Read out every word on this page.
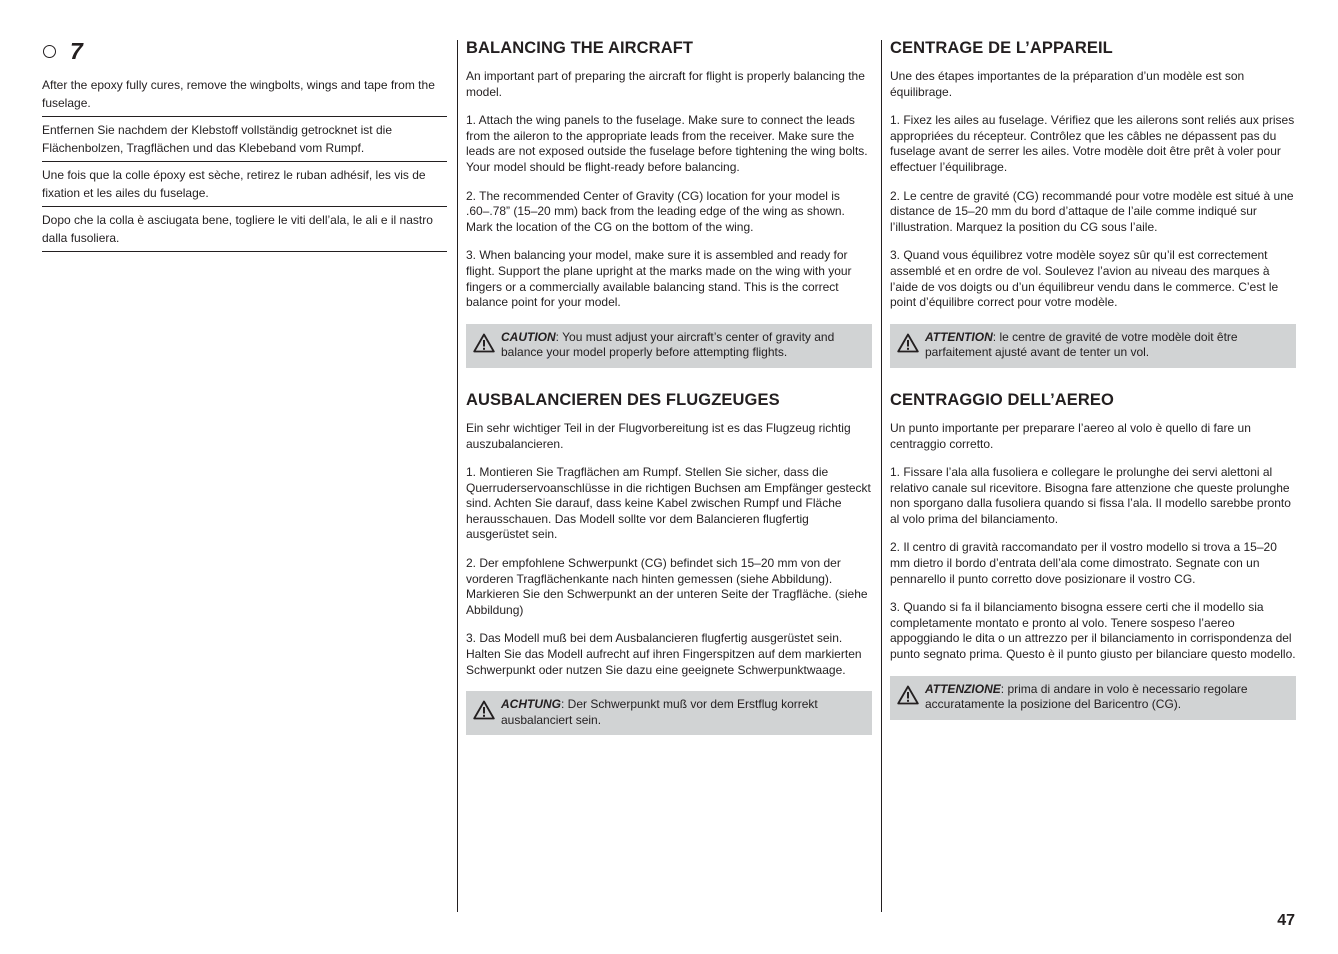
7
After the epoxy fully cures, remove the wingbolts, wings and tape from the fuselage.
Entfernen Sie nachdem der Klebstoff vollständig getrocknet ist die Flächenbolzen, Tragflächen und das Klebeband vom Rumpf.
Une fois que la colle époxy est sèche, retirez le ruban adhésif, les vis de fixation et les ailes du fuselage.
Dopo che la colla è asciugata bene, togliere le viti dell’ala, le ali e il nastro dalla fusoliera.
BALANCING THE AIRCRAFT

An important part of preparing the aircraft for flight is properly balancing the model.

1. Attach the wing panels to the fuselage. Make sure to connect the leads from the aileron to the appropriate leads from the receiver. Make sure the leads are not exposed outside the fuselage before tightening the wing bolts. Your model should be flight-ready before balancing.

2. The recommended Center of Gravity (CG) location for your model is .60–.78” (15–20 mm) back from the leading edge of the wing as shown. Mark the location of the CG on the bottom of the wing.

3. When balancing your model, make sure it is assembled and ready for flight. Support the plane upright at the marks made on the wing with your fingers or a commercially available balancing stand. This is the correct balance point for your model.

CAUTION: You must adjust your aircraft’s center of gravity and balance your model properly before attempting flights.
AUSBALANCIEREN DES FLUGZEUGES

Ein sehr wichtiger Teil in der Flugvorbereitung ist es das Flugzeug richtig auszubalancieren.

1. Montieren Sie Tragflächen am Rumpf. Stellen Sie sicher, dass die Querruderservoanschlüsse in die richtigen Buchsen am Empfänger gesteckt sind. Achten Sie darauf, dass keine Kabel zwischen Rumpf und Fläche herausschauen. Das Modell sollte vor dem Balancieren flugfertig ausgerüstet sein.

2. Der empfohlene Schwerpunkt (CG) befindet sich 15–20 mm von der vorderen Tragflächenkante nach hinten gemessen (siehe Abbildung). Markieren Sie den Schwerpunkt an der unteren Seite der Tragfläche. (siehe Abbildung)

3. Das Modell muß bei dem Ausbalancieren flugfertig ausgerüstet sein. Halten Sie das Modell aufrecht auf ihren Fingerspitzen auf dem markierten Schwerpunkt oder nutzen Sie dazu eine geeignete Schwerpunktwaage.

ACHTUNG: Der Schwerpunkt muß vor dem Erstflug korrekt ausbalanciert sein.
CENTRAGE DE L’APPAREIL

Une des étapes importantes de la préparation d’un modèle est son équilibrage.

1. Fixez les ailes au fuselage. Vérifiez que les ailerons sont reliés aux prises appropriées du récepteur. Contrôlez que les câbles ne dépassent pas du fuselage avant de serrer les ailes. Votre modèle doit être prêt à voler pour effectuer l’équilibrage.

2. Le centre de gravité (CG) recommandé pour votre modèle est situé à une distance de 15–20 mm du bord d’attaque de l’aile comme indiqué sur l’illustration. Marquez la position du CG sous l’aile.

3. Quand vous équilibrez votre modèle soyez sûr qu’il est correctement assemblé et en ordre de vol. Soulevez l’avion au niveau des marques à l’aide de vos doigts ou d’un équilibreur vendu dans le commerce. C’est le point d’équilibre correct pour votre modèle.

ATTENTION: le centre de gravité de votre modèle doit être parfaitement ajusté avant de tenter un vol.
CENTRAGGIO DELL’AEREO

Un punto importante per preparare l’aereo al volo è quello di fare un centraggio corretto.

1. Fissare l’ala alla fusoliera e collegare le prolunghe dei servi alettoni al relativo canale sul ricevitore. Bisogna fare attenzione che queste prolunghe non sporgano dalla fusoliera quando si fissa l’ala. Il modello sarebbe pronto al volo prima del bilanciamento.

2. Il centro di gravità raccomandato per il vostro modello si trova a 15–20 mm dietro il bordo d’entrata dell’ala come dimostrato. Segnate con un pennarello il punto corretto dove posizionare il vostro CG.

3. Quando si fa il bilanciamento bisogna essere certi che il modello sia completamente montato e pronto al volo. Tenere sospeso l’aereo appoggiando le dita o un attrezzo per il bilanciamento in corrispondenza del punto segnato prima. Questo è il punto giusto per bilanciare questo modello.

ATTENZIONE: prima di andare in volo è necessario regolare accuratamente la posizione del Baricentro (CG).
47
